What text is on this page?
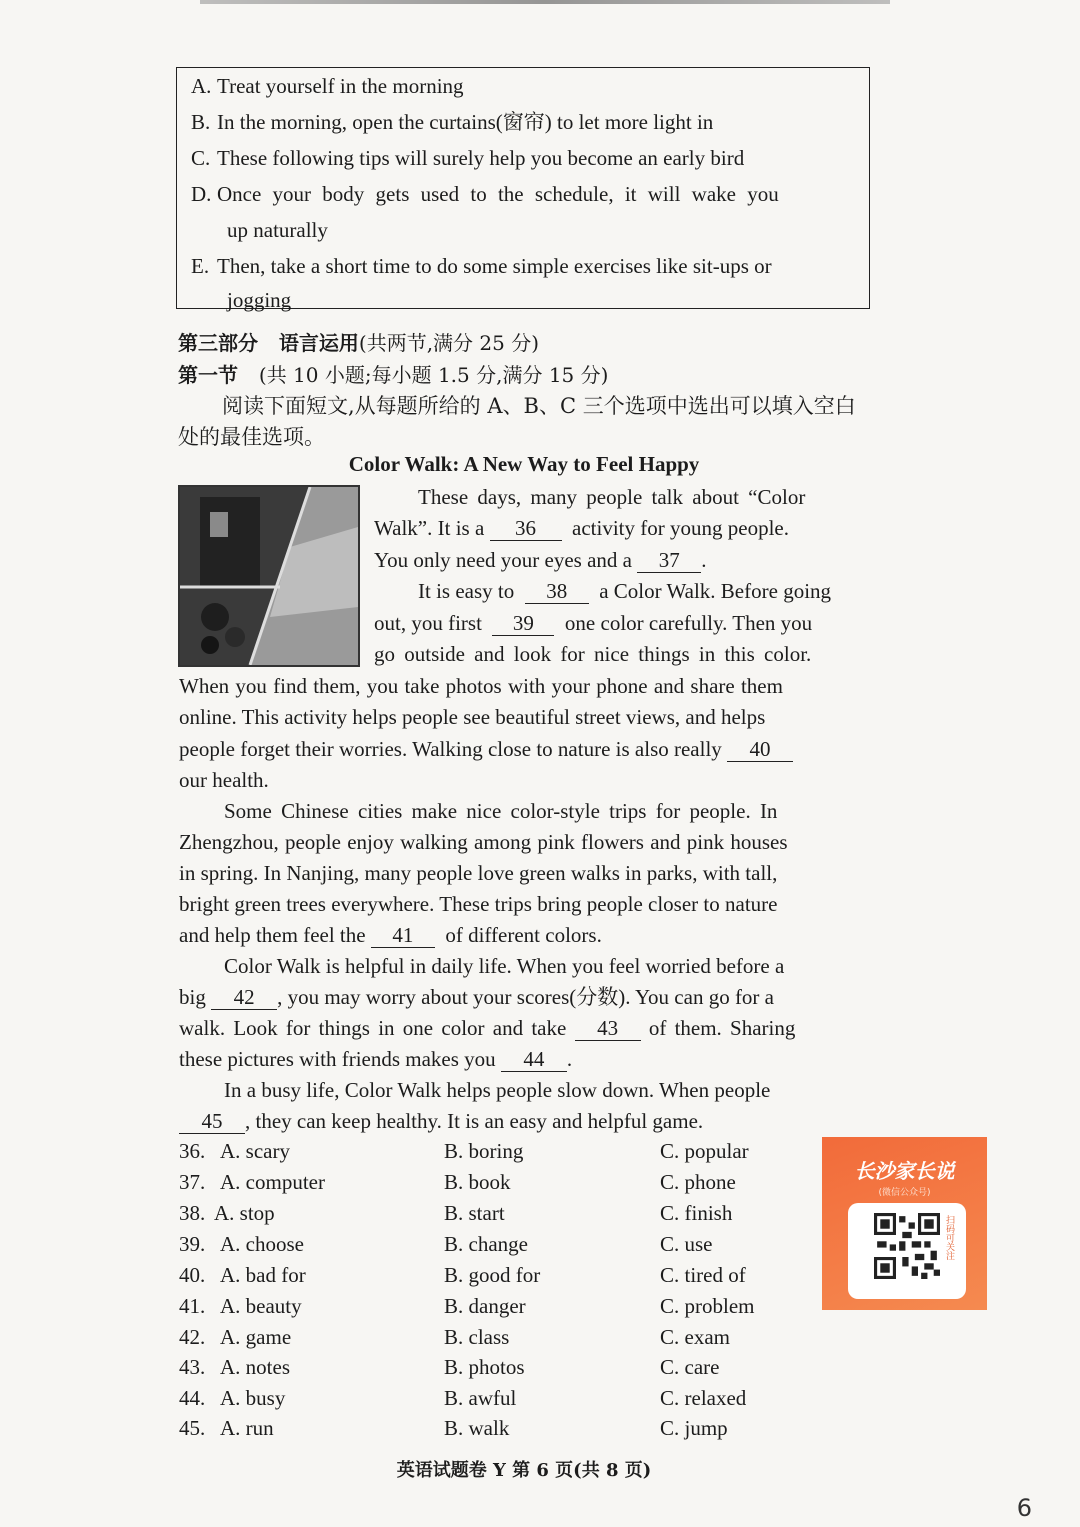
A. Treat yourself in the morning
B. In the morning, open the curtains(窗帘) to let more light in
C. These following tips will surely help you become an early bird
D. Once your body gets used to the schedule, it will wake you
up naturally
E. Then, take a short time to do some simple exercises like sit-ups or
jogging
第三部分 语言运用(共两节,满分 25 分)
第一节 (共 10 小题;每小题 1.5 分,满分 15 分)
阅读下面短文,从每题所给的 A、B、C 三个选项中选出可以填入空白
处的最佳选项。
Color Walk: A New Way to Feel Happy
These days, many people talk about “Color
Walk”. It is a 36 activity for young people.
You only need your eyes and a 37 .
It is easy to 38 a Color Walk. Before going
out, you first 39 one color carefully. Then you
go outside and look for nice things in this color.
When you find them, you take photos with your phone and share them
online. This activity helps people see beautiful street views, and helps
people forget their worries. Walking close to nature is also really 40
our health.
Some Chinese cities make nice color-style trips for people. In
Zhengzhou, people enjoy walking among pink flowers and pink houses
in spring. In Nanjing, many people love green walks in parks, with tall,
bright green trees everywhere. These trips bring people closer to nature
and help them feel the 41 of different colors.
Color Walk is helpful in daily life. When you feel worried before a
big 42 , you may worry about your scores(分数). You can go for a
walk. Look for things in one color and take 43 of them. Sharing
these pictures with friends makes you 44 .
In a busy life, Color Walk helps people slow down. When people
45 , they can keep healthy. It is an easy and helpful game.
36. A. scary	B. boring	C. popular
37. A. computer	B. book	C. phone
38. A. stop	B. start	C. finish
39. A. choose	B. change	C. use
40. A. bad for	B. good for	C. tired of
41. A. beauty	B. danger	C. problem
42. A. game	B. class	C. exam
43. A. notes	B. photos	C. care
44. A. busy	B. awful	C. relaxed
45. A. run	B. walk	C. jump
长沙家长说
(微信公众号)
扫码可关注
英语试题卷 Y 第 6 页(共 8 页)
6
